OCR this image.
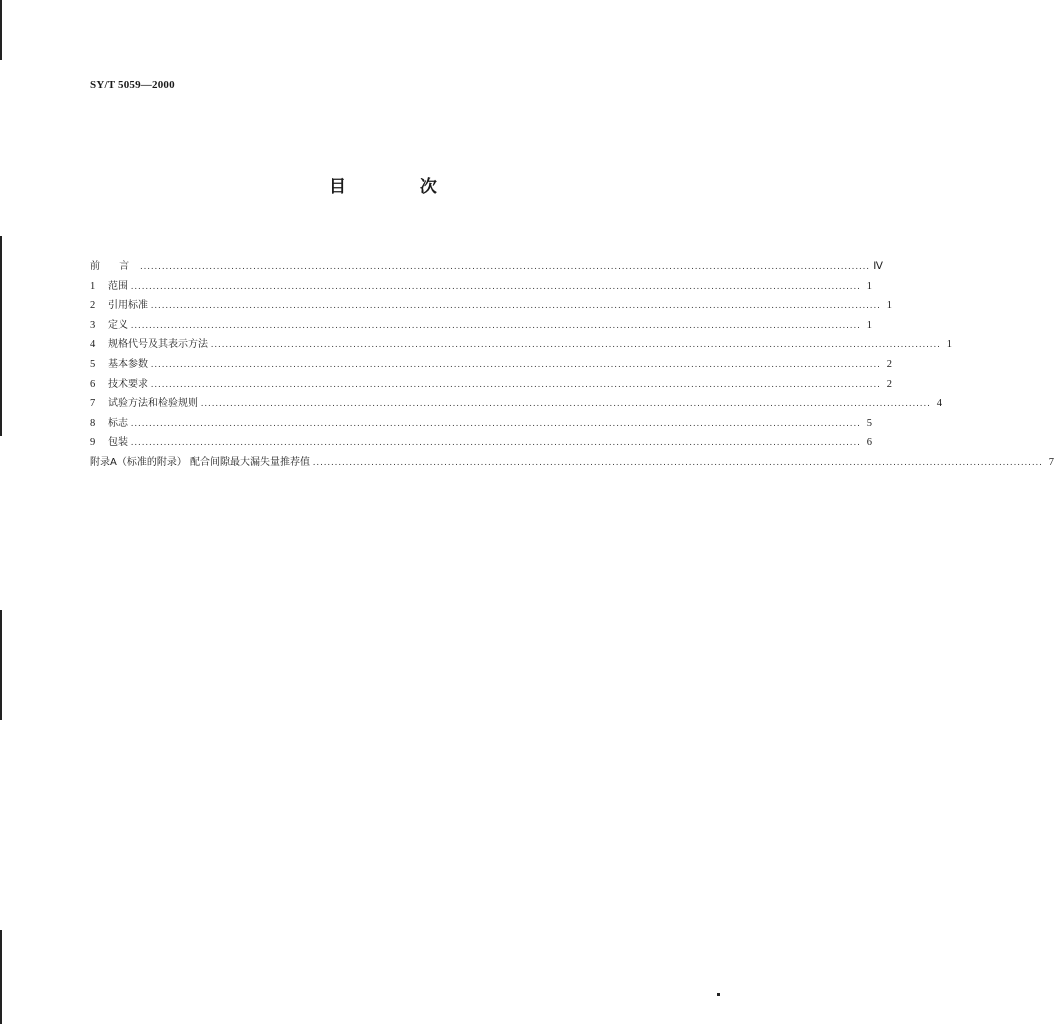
SY/T 5059—2000
目 次
前 言 ........................................................................................................................................................................................................ Ⅳ
1	范围 ........................................................................................................................................................................................................ 1
2	引用标准 ........................................................................................................................................................................................................ 1
3	定义 ........................................................................................................................................................................................................ 1
4	规格代号及其表示方法 ........................................................................................................................................................................................................ 1
5	基本参数 ........................................................................................................................................................................................................ 2
6	技术要求 ........................................................................................................................................................................................................ 2
7	试验方法和检验规则 ........................................................................................................................................................................................................ 4
8	标志 ........................................................................................................................................................................................................ 5
9	包装 ........................................................................................................................................................................................................ 6
附录A（标准的附录） 配合间隙最大漏失量推荐值 ........................................................................................................................................................................................................ 7
